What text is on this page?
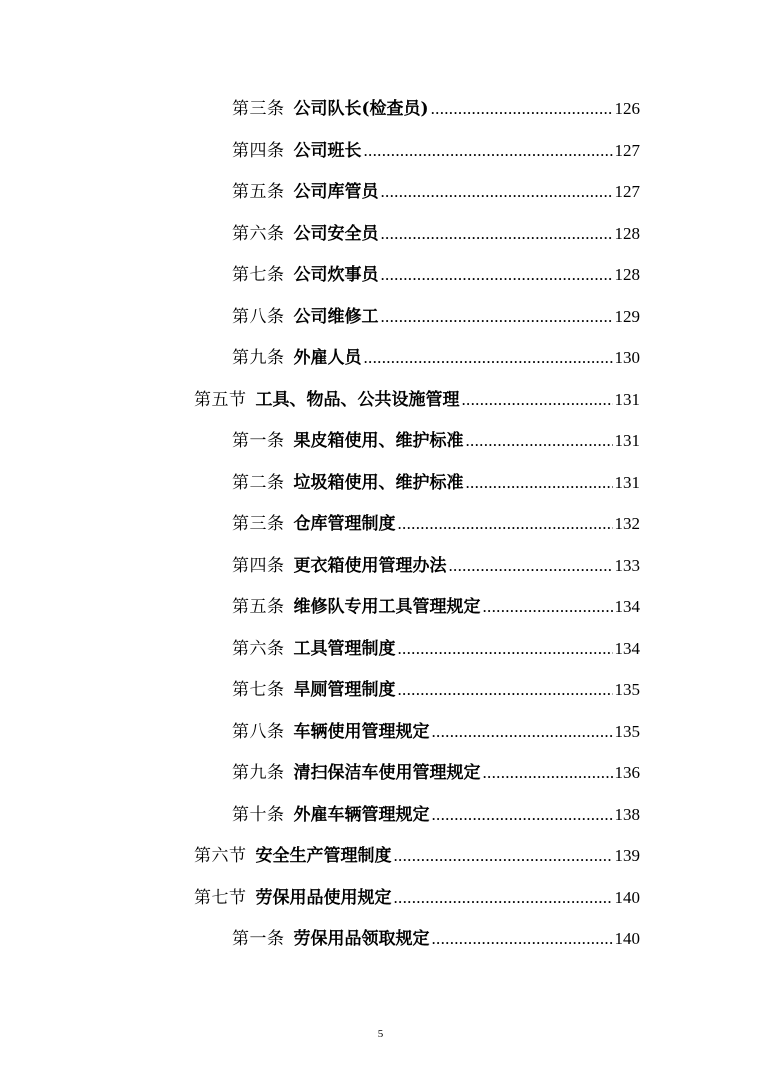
第三条 公司队长(检查员) .....	126
第四条 公司班长 .....	127
第五条 公司库管员 .....	127
第六条 公司安全员 .....	128
第七条 公司炊事员 .....	128
第八条 公司维修工 .....	129
第九条 外雇人员 .....	130
第五节 工具、物品、公共设施管理 .....	131
第一条 果皮箱使用、维护标准 .....	131
第二条 垃圾箱使用、维护标准 .....	131
第三条 仓库管理制度 .....	132
第四条 更衣箱使用管理办法 .....	133
第五条 维修队专用工具管理规定 .....	134
第六条 工具管理制度 .....	134
第七条 旱厕管理制度 .....	135
第八条 车辆使用管理规定 .....	135
第九条 清扫保洁车使用管理规定 .....	136
第十条 外雇车辆管理规定 .....	138
第六节 安全生产管理制度 .....	139
第七节 劳保用品使用规定 .....	140
第一条 劳保用品领取规定 .....	140
5
